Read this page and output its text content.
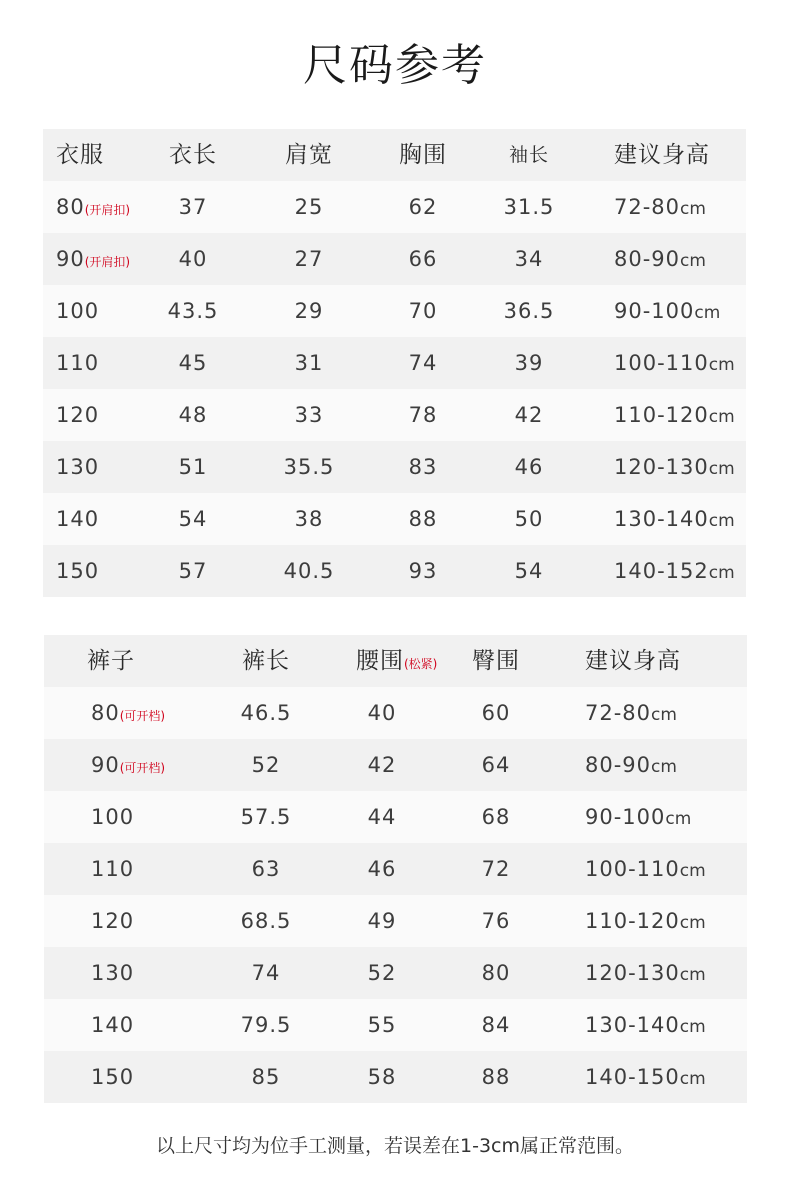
尺码参考
衣服	衣长	肩宽	胸围	袖长	建议身高
80(开肩扣) 37	25	62	31.5	72-80cm
90(开肩扣) 40	27	66	34	80-90cm
100	43.5	29	70	36.5	90-100cm
110	45	31	74	39	100-110cm
120	48	33	78	42	110-120cm
130	51	35.5	83	46	120-130cm
140	54	38	88	50	130-140cm
150	57	40.5	93	54	140-152cm
裤子	裤长	腰围(松紧) 臀围	建议身高
80(可开档)	46.5	40	60	72-80cm
90(可开档)	52	42	64	80-90cm
100	57.5	44	68	90-100cm
110	63	46	72	100-110cm
120	68.5	49	76	110-120cm
130	74	52	80	120-130cm
140	79.5	55	84	130-140cm
150	85	58	88	140-150cm
以上尺寸均为位手工测量，若误差在1-3cm属正常范围。
